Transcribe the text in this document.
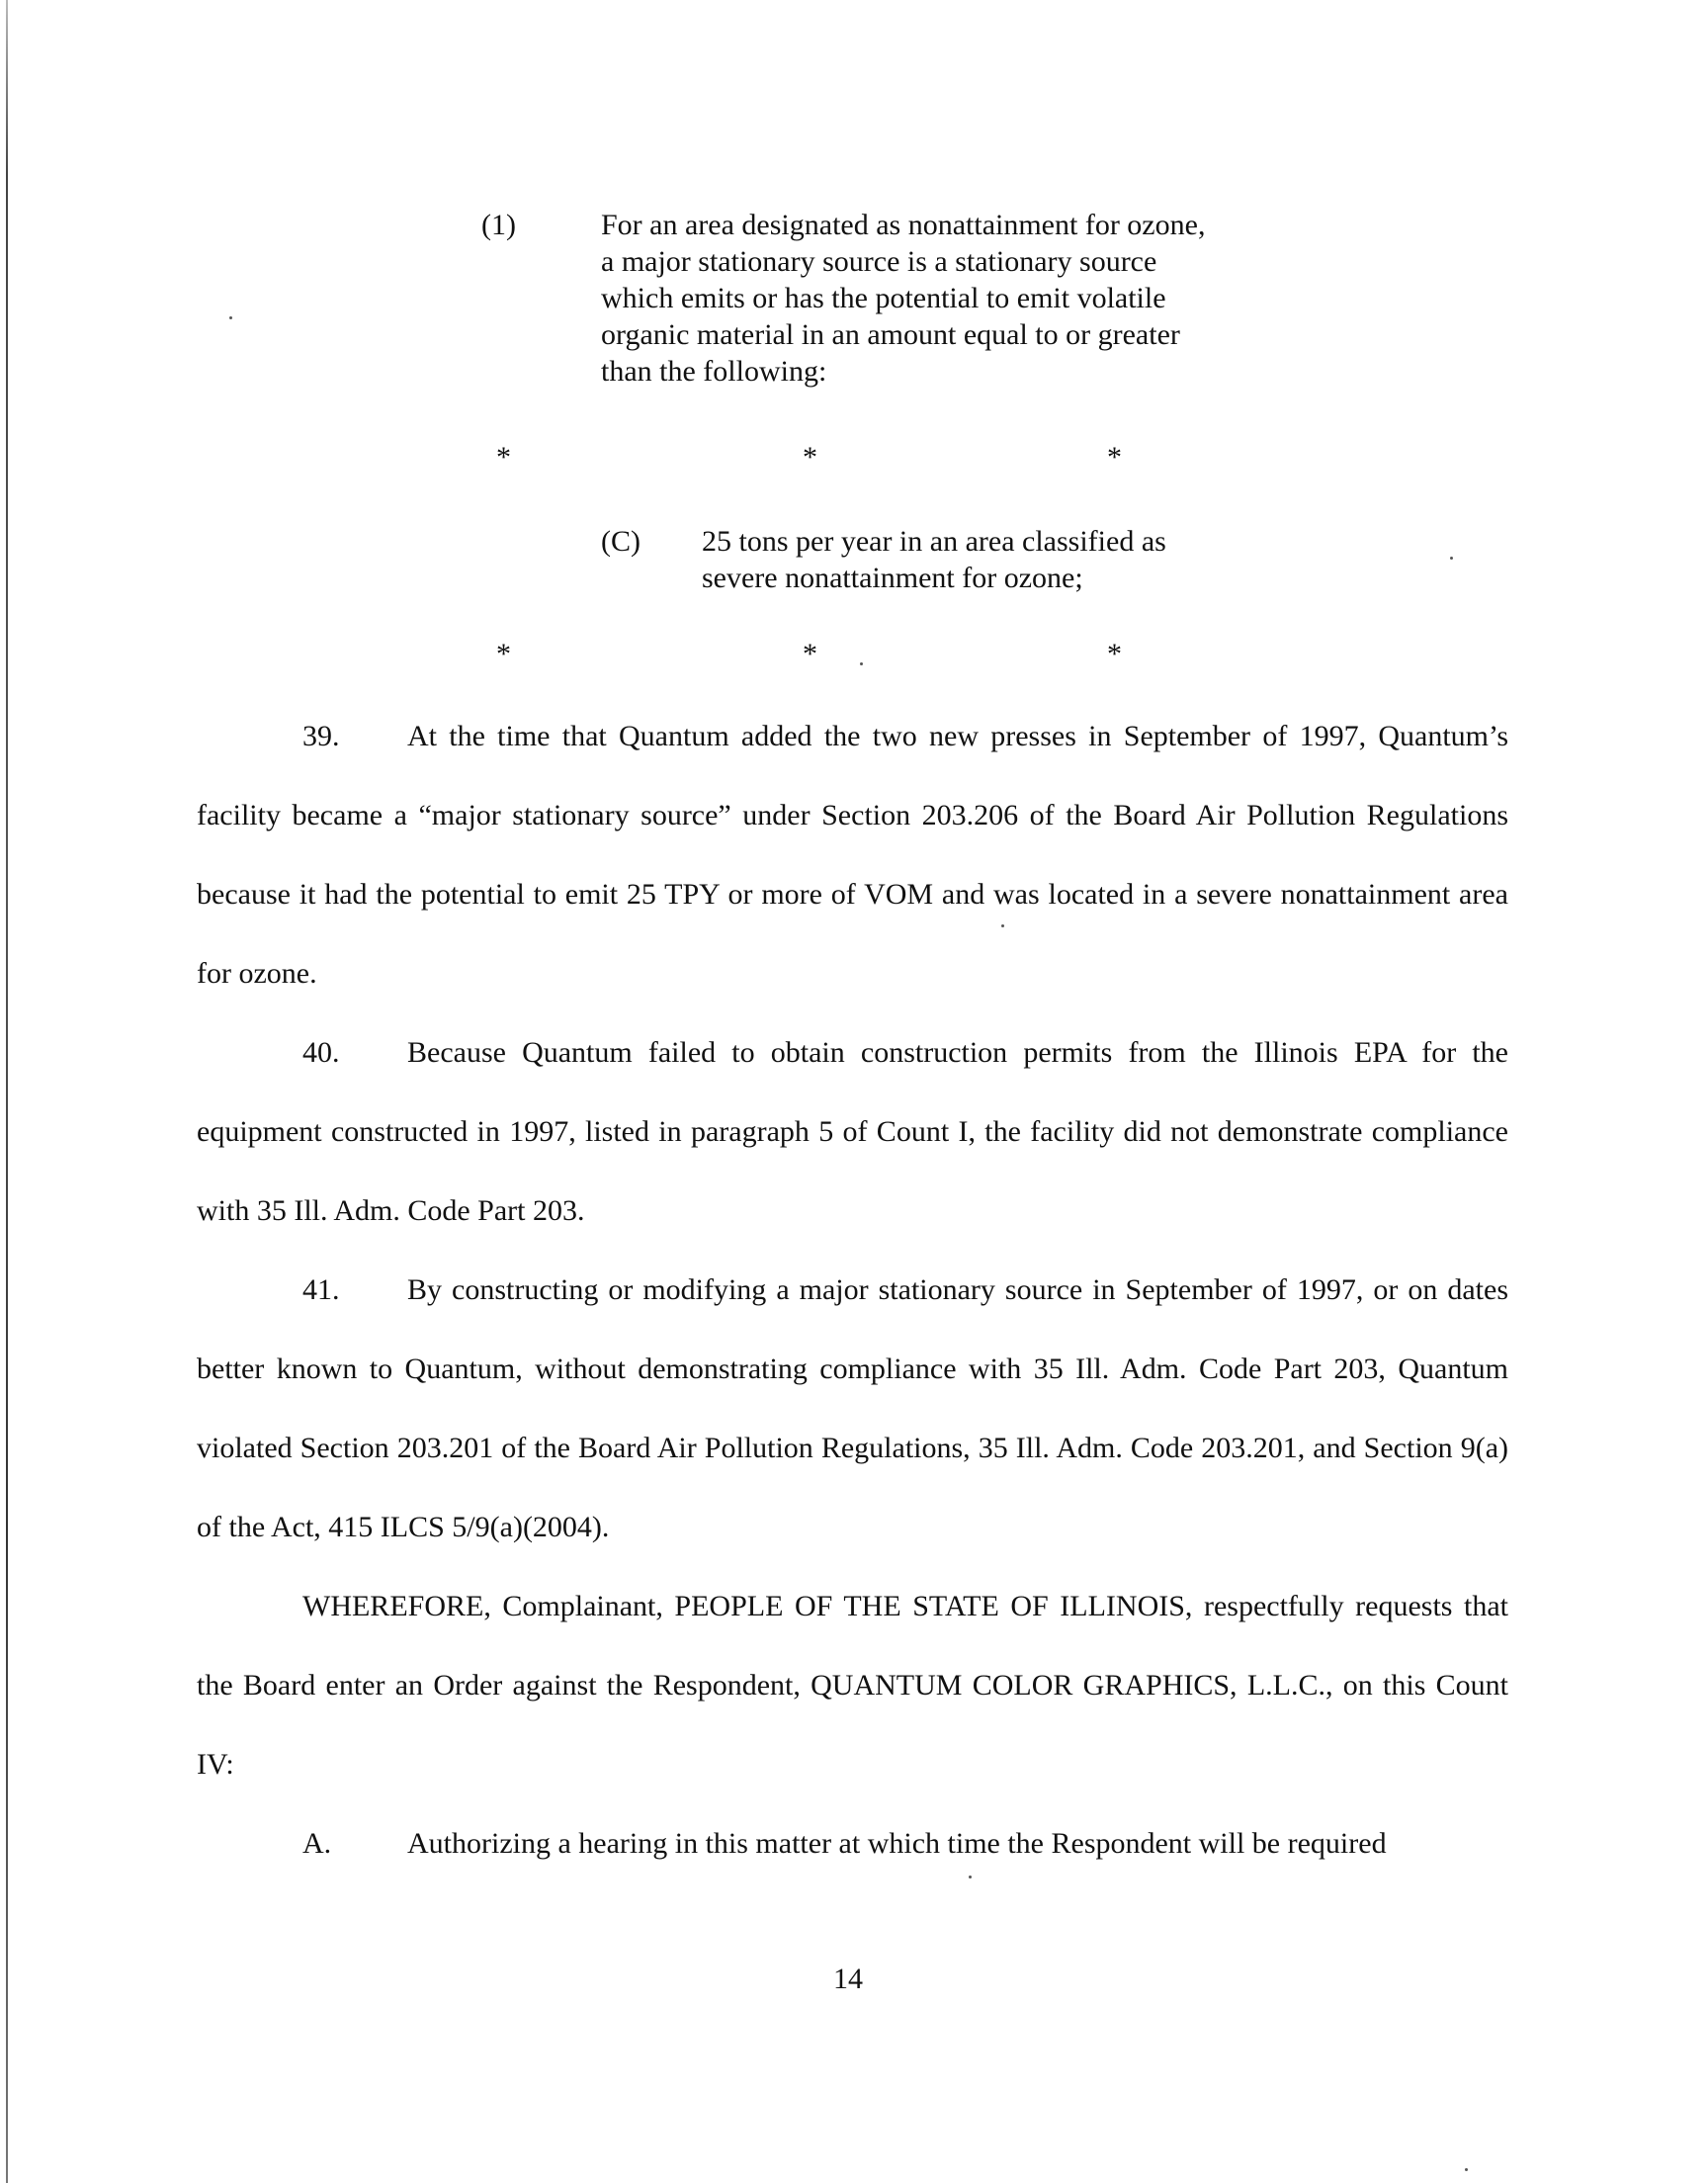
(1)	For an area designated as nonattainment for ozone, a major stationary source is a stationary source which emits or has the potential to emit volatile organic material in an amount equal to or greater than the following:
*	*	*
(C) 25 tons per year in an area classified as severe nonattainment for ozone;
*	*	*
39. At the time that Quantum added the two new presses in September of 1997, Quantum’s facility became a “major stationary source” under Section 203.206 of the Board Air Pollution Regulations because it had the potential to emit 25 TPY or more of VOM and was located in a severe nonattainment area for ozone.
40. Because Quantum failed to obtain construction permits from the Illinois EPA for the equipment constructed in 1997, listed in paragraph 5 of Count I, the facility did not demonstrate compliance with 35 Ill. Adm. Code Part 203.
41. By constructing or modifying a major stationary source in September of 1997, or on dates better known to Quantum, without demonstrating compliance with 35 Ill. Adm. Code Part 203, Quantum violated Section 203.201 of the Board Air Pollution Regulations, 35 Ill. Adm. Code 203.201, and Section 9(a) of the Act, 415 ILCS 5/9(a)(2004).
WHEREFORE, Complainant, PEOPLE OF THE STATE OF ILLINOIS, respectfully requests that the Board enter an Order against the Respondent, QUANTUM COLOR GRAPHICS, L.L.C., on this Count IV:
A.	Authorizing a hearing in this matter at which time the Respondent will be required
14
